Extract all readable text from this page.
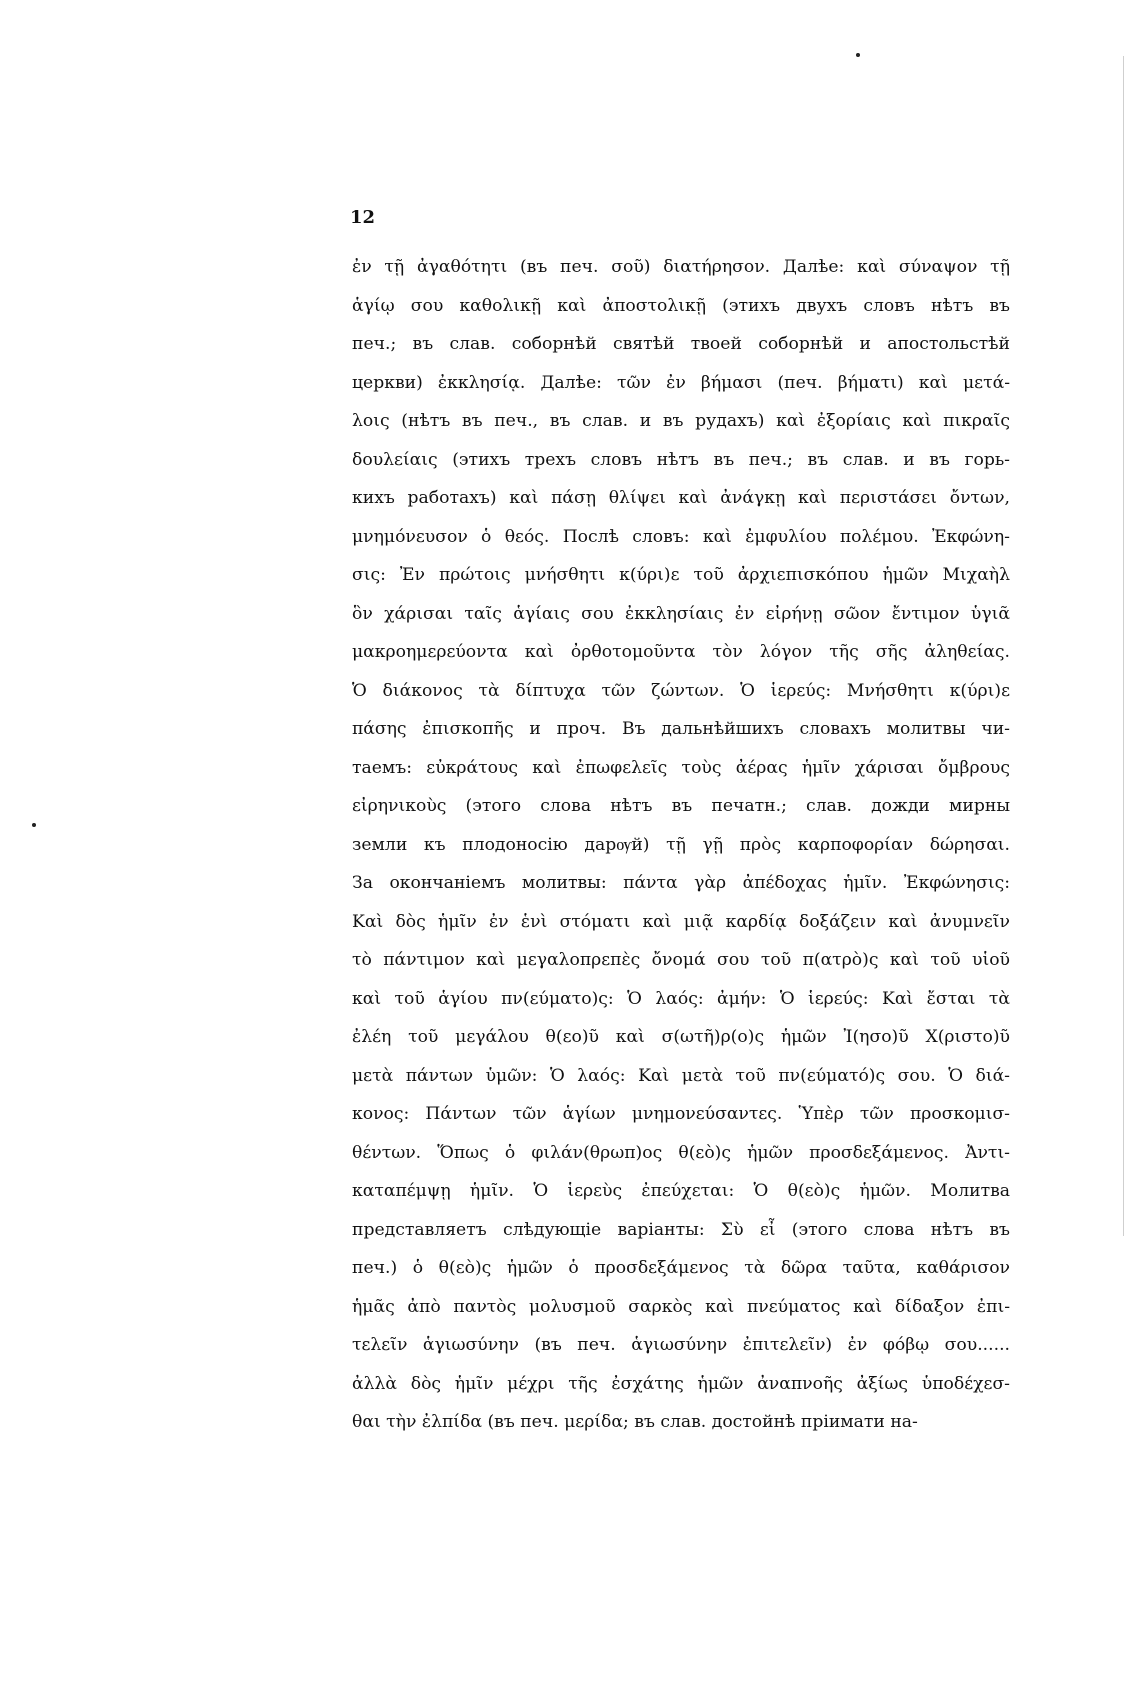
12
ἐν τῇ ἀγαθότητι (въ печ. σοῦ) διατήρησον. Далѣе: καὶ σύναψον τῇ
ἁγίῳ σου καθολικῇ καὶ ἀποστολικῇ (этихъ двухъ словъ нѣтъ въ
печ.; въ слав. соборнѣй святѣй твоей соборнѣй и апостольстѣй
церкви) ἐκκλησίᾳ. Далѣе: τῶν ἐν βήμασι (печ. βήματι) καὶ μετά-
λοις (нѣтъ въ печ., въ слав. и въ рудахъ) καὶ ἐξορίαις καὶ πικραῖς
δουλείαις (этихъ трехъ словъ нѣтъ въ печ.; въ слав. и въ горь-
кихъ работахъ) καὶ πάσῃ θλίψει καὶ ἀνάγκῃ καὶ περιστάσει ὄντων,
μνημόνευσον ὁ θεός. Послѣ словъ: καὶ ἐμφυλίου πολέμου. Ἐκφώνη-
σις: Ἐν πρώτοις μνήσθητι κ(ύρι)ε τοῦ ἀρχιεπισκόπου ἡμῶν Μιχαὴλ
ὃν χάρισαι ταῖς ἁγίαις σου ἐκκλησίαις ἐν εἰρήνῃ σῶον ἔντιμον ὑγιᾶ
μακροημερεύοντα καὶ ὀρθοτομοῦντα τὸν λόγον τῆς σῆς ἀληθείας.
Ὁ διάκονος τὰ δίπτυχα τῶν ζώντων. Ὁ ἱερεύς: Μνήσθητι κ(ύρι)ε
πάσης ἐπισκοπῆς и проч. Въ дальнѣйшихъ словахъ молитвы чи-
таемъ: εὐκράτους καὶ ἐπωφελεῖς τοὺς ἀέρας ἡμῖν χάρισαι ὄμβρους
εἰρηνικοὺς (этого слова нѣтъ въ печатн.; слав. дожди мирны
земли къ плодоносію дарѹй) τῇ γῇ πρὸς καρποφορίαν δώρησαι.
За окончаніемъ молитвы: πάντα γὰρ ἀπέδοχας ἡμῖν. Ἐκφώνησις:
Καὶ δὸς ἡμῖν ἐν ἑνὶ στόματι καὶ μιᾷ καρδίᾳ δοξάζειν καὶ ἀνυμνεῖν
τὸ πάντιμον καὶ μεγαλοπρεπὲς ὄνομά σου τοῦ π(ατρὸ)ς καὶ τοῦ υἱοῦ
καὶ τοῦ ἁγίου πν(εύματο)ς: Ὁ λαός: ἀμήν: Ὁ ἱερεύς: Καὶ ἔσται τὰ
ἐλέη τοῦ μεγάλου θ(εο)ῦ καὶ σ(ωτῆ)ρ(ο)ς ἡμῶν Ἰ(ησο)ῦ Χ(ριστο)ῦ
μετὰ πάντων ὑμῶν: Ὁ λαός: Καὶ μετὰ τοῦ πν(εύματό)ς σου. Ὁ διά-
κονος: Πάντων τῶν ἁγίων μνημονεύσαντες. Ὑπὲρ τῶν προσκομισ-
θέντων. Ὅπως ὁ φιλάν(θρωπ)ος θ(εὸ)ς ἡμῶν προσδεξάμενος. Ἀντι-
καταπέμψῃ ἡμῖν. Ὁ ἱερεὺς ἐπεύχεται: Ὁ θ(εὸ)ς ἡμῶν. Молитва
представляетъ слѣдующіе варіанты: Σὺ εἶ (этого слова нѣтъ въ
печ.) ὁ θ(εὸ)ς ἡμῶν ὁ προσδεξάμενος τὰ δῶρα ταῦτα, καθάρισον
ἡμᾶς ἀπὸ παντὸς μολυσμοῦ σαρκὸς καὶ πνεύματος καὶ δίδαξον ἐπι-
τελεῖν ἁγιωσύνην (въ печ. ἁγιωσύνην ἐπιτελεῖν) ἐν φόβῳ σου......
ἀλλὰ δὸς ἡμῖν μέχρι τῆς ἐσχάτης ἡμῶν ἀναπνοῆς ἀξίως ὑποδέχεσ-
θαι τὴν ἐλπίδα (въ печ. μερίδα; въ слав. достойнѣ пріимати на-
